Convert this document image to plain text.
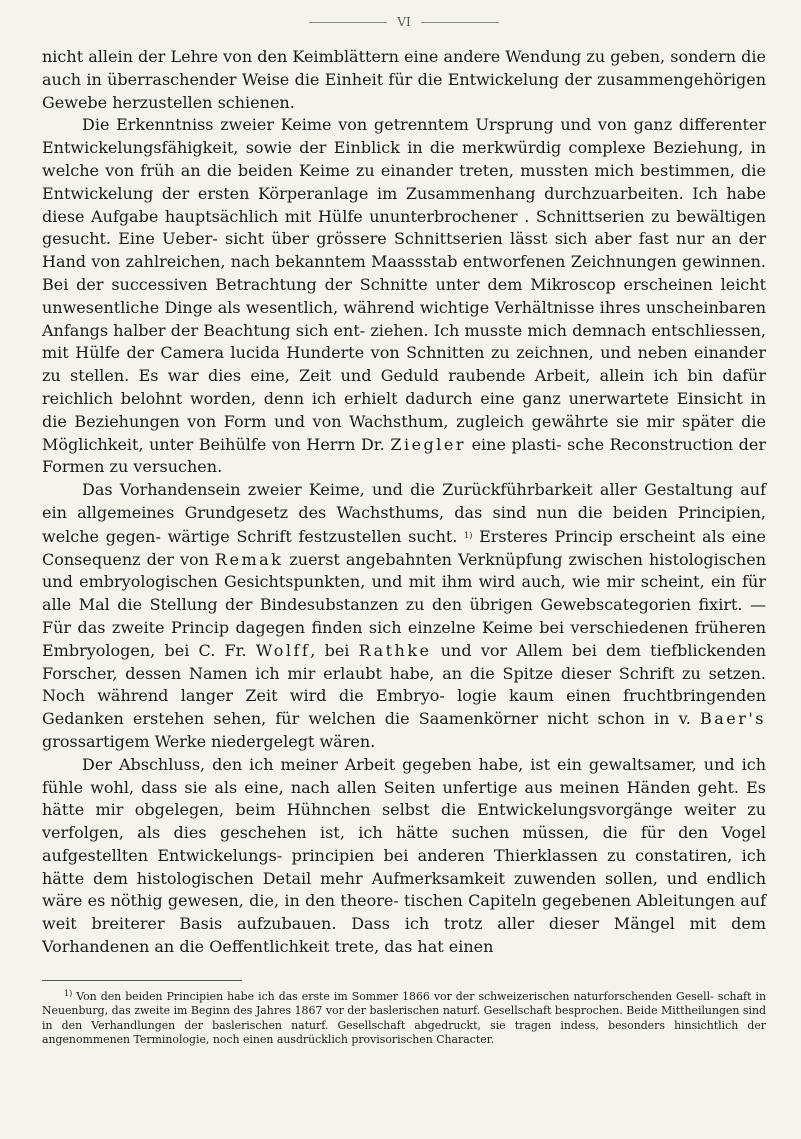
VI

nicht allein der Lehre von den Keimblättern eine andere Wendung zu geben, sondern die auch in überraschender Weise die Einheit für die Entwickelung der zusammengehörigen Gewebe herzustellen schienen.

Die Erkenntniss zweier Keime von getrenntem Ursprung und von ganz differenter Entwickelungsfähigkeit, sowie der Einblick in die merkwürdig complexe Beziehung, in welche von früh an die beiden Keime zu einander treten, mussten mich bestimmen, die Entwickelung der ersten Körperanlage im Zusammenhang durchzuarbeiten. Ich habe diese Aufgabe hauptsächlich mit Hülfe ununterbrochener . Schnittserien zu bewältigen gesucht. Eine Ueber- sicht über grössere Schnittserien lässt sich aber fast nur an der Hand von zahlreichen, nach bekanntem Maassstab entworfenen Zeichnungen gewinnen. Bei der successiven Betrachtung der Schnitte unter dem Mikroscop erscheinen leicht unwesentliche Dinge als wesentlich, während wichtige Verhältnisse ihres unscheinbaren Anfangs halber der Beachtung sich ent- ziehen. Ich musste mich demnach entschliessen, mit Hülfe der Camera lucida Hunderte von Schnitten zu zeichnen, und neben einander zu stellen. Es war dies eine, Zeit und Geduld raubende Arbeit, allein ich bin dafür reichlich belohnt worden, denn ich erhielt dadurch eine ganz unerwartete Einsicht in die Beziehungen von Form und von Wachsthum, zugleich gewährte sie mir später die Möglichkeit, unter Beihülfe von Herrn Dr. Ziegler eine plasti- sche Reconstruction der Formen zu versuchen.

Das Vorhandensein zweier Keime, und die Zurückführbarkeit aller Gestaltung auf ein allgemeines Grundgesetz des Wachsthums, das sind nun die beiden Principien, welche gegen- wärtige Schrift festzustellen sucht. $^{1)}$ Ersteres Princip erscheint als eine Consequenz der von Remak zuerst angebahnten Verknüpfung zwischen histologischen und embryologischen Gesichtspunkten, und mit ihm wird auch, wie mir scheint, ein für alle Mal die Stellung der Bindesubstanzen zu den übrigen Gewebscategorien fixirt. — Für das zweite Princip dagegen finden sich einzelne Keime bei verschiedenen früheren Embryologen, bei C. Fr. Wolff, bei Rathke und vor Allem bei dem tiefblickenden Forscher, dessen Namen ich mir erlaubt habe, an die Spitze dieser Schrift zu setzen. Noch während langer Zeit wird die Embryo- logie kaum einen fruchtbringenden Gedanken erstehen sehen, für welchen die Saamenkörner nicht schon in v. Baer's grossartigem Werke niedergelegt wären.

Der Abschluss, den ich meiner Arbeit gegeben habe, ist ein gewaltsamer, und ich fühle wohl, dass sie als eine, nach allen Seiten unfertige aus meinen Händen geht. Es hätte mir obgelegen, beim Hühnchen selbst die Entwickelungsvorgänge weiter zu verfolgen, als dies geschehen ist, ich hätte suchen müssen, die für den Vogel aufgestellten Entwickelungs- principien bei anderen Thierklassen zu constatiren, ich hätte dem histologischen Detail mehr Aufmerksamkeit zuwenden sollen, und endlich wäre es nöthig gewesen, die, in den theore- tischen Capiteln gegebenen Ableitungen auf weit breiterer Basis aufzubauen. Dass ich trotz aller dieser Mängel mit dem Vorhandenen an die Oeffentlichkeit trete, das hat einen

$^{1)}$ Von den beiden Principien habe ich das erste im Sommer 1866 vor der schweizerischen naturforschenden Gesell- schaft in Neuenburg, das zweite im Beginn des Jahres 1867 vor der baslerischen naturf. Gesellschaft besprochen. Beide Mittheilungen sind in den Verhandlungen der baslerischen naturf. Gesellschaft abgedruckt, sie tragen indess, besonders hinsichtlich der angenommenen Terminologie, noch einen ausdrücklich provisorischen Character.
